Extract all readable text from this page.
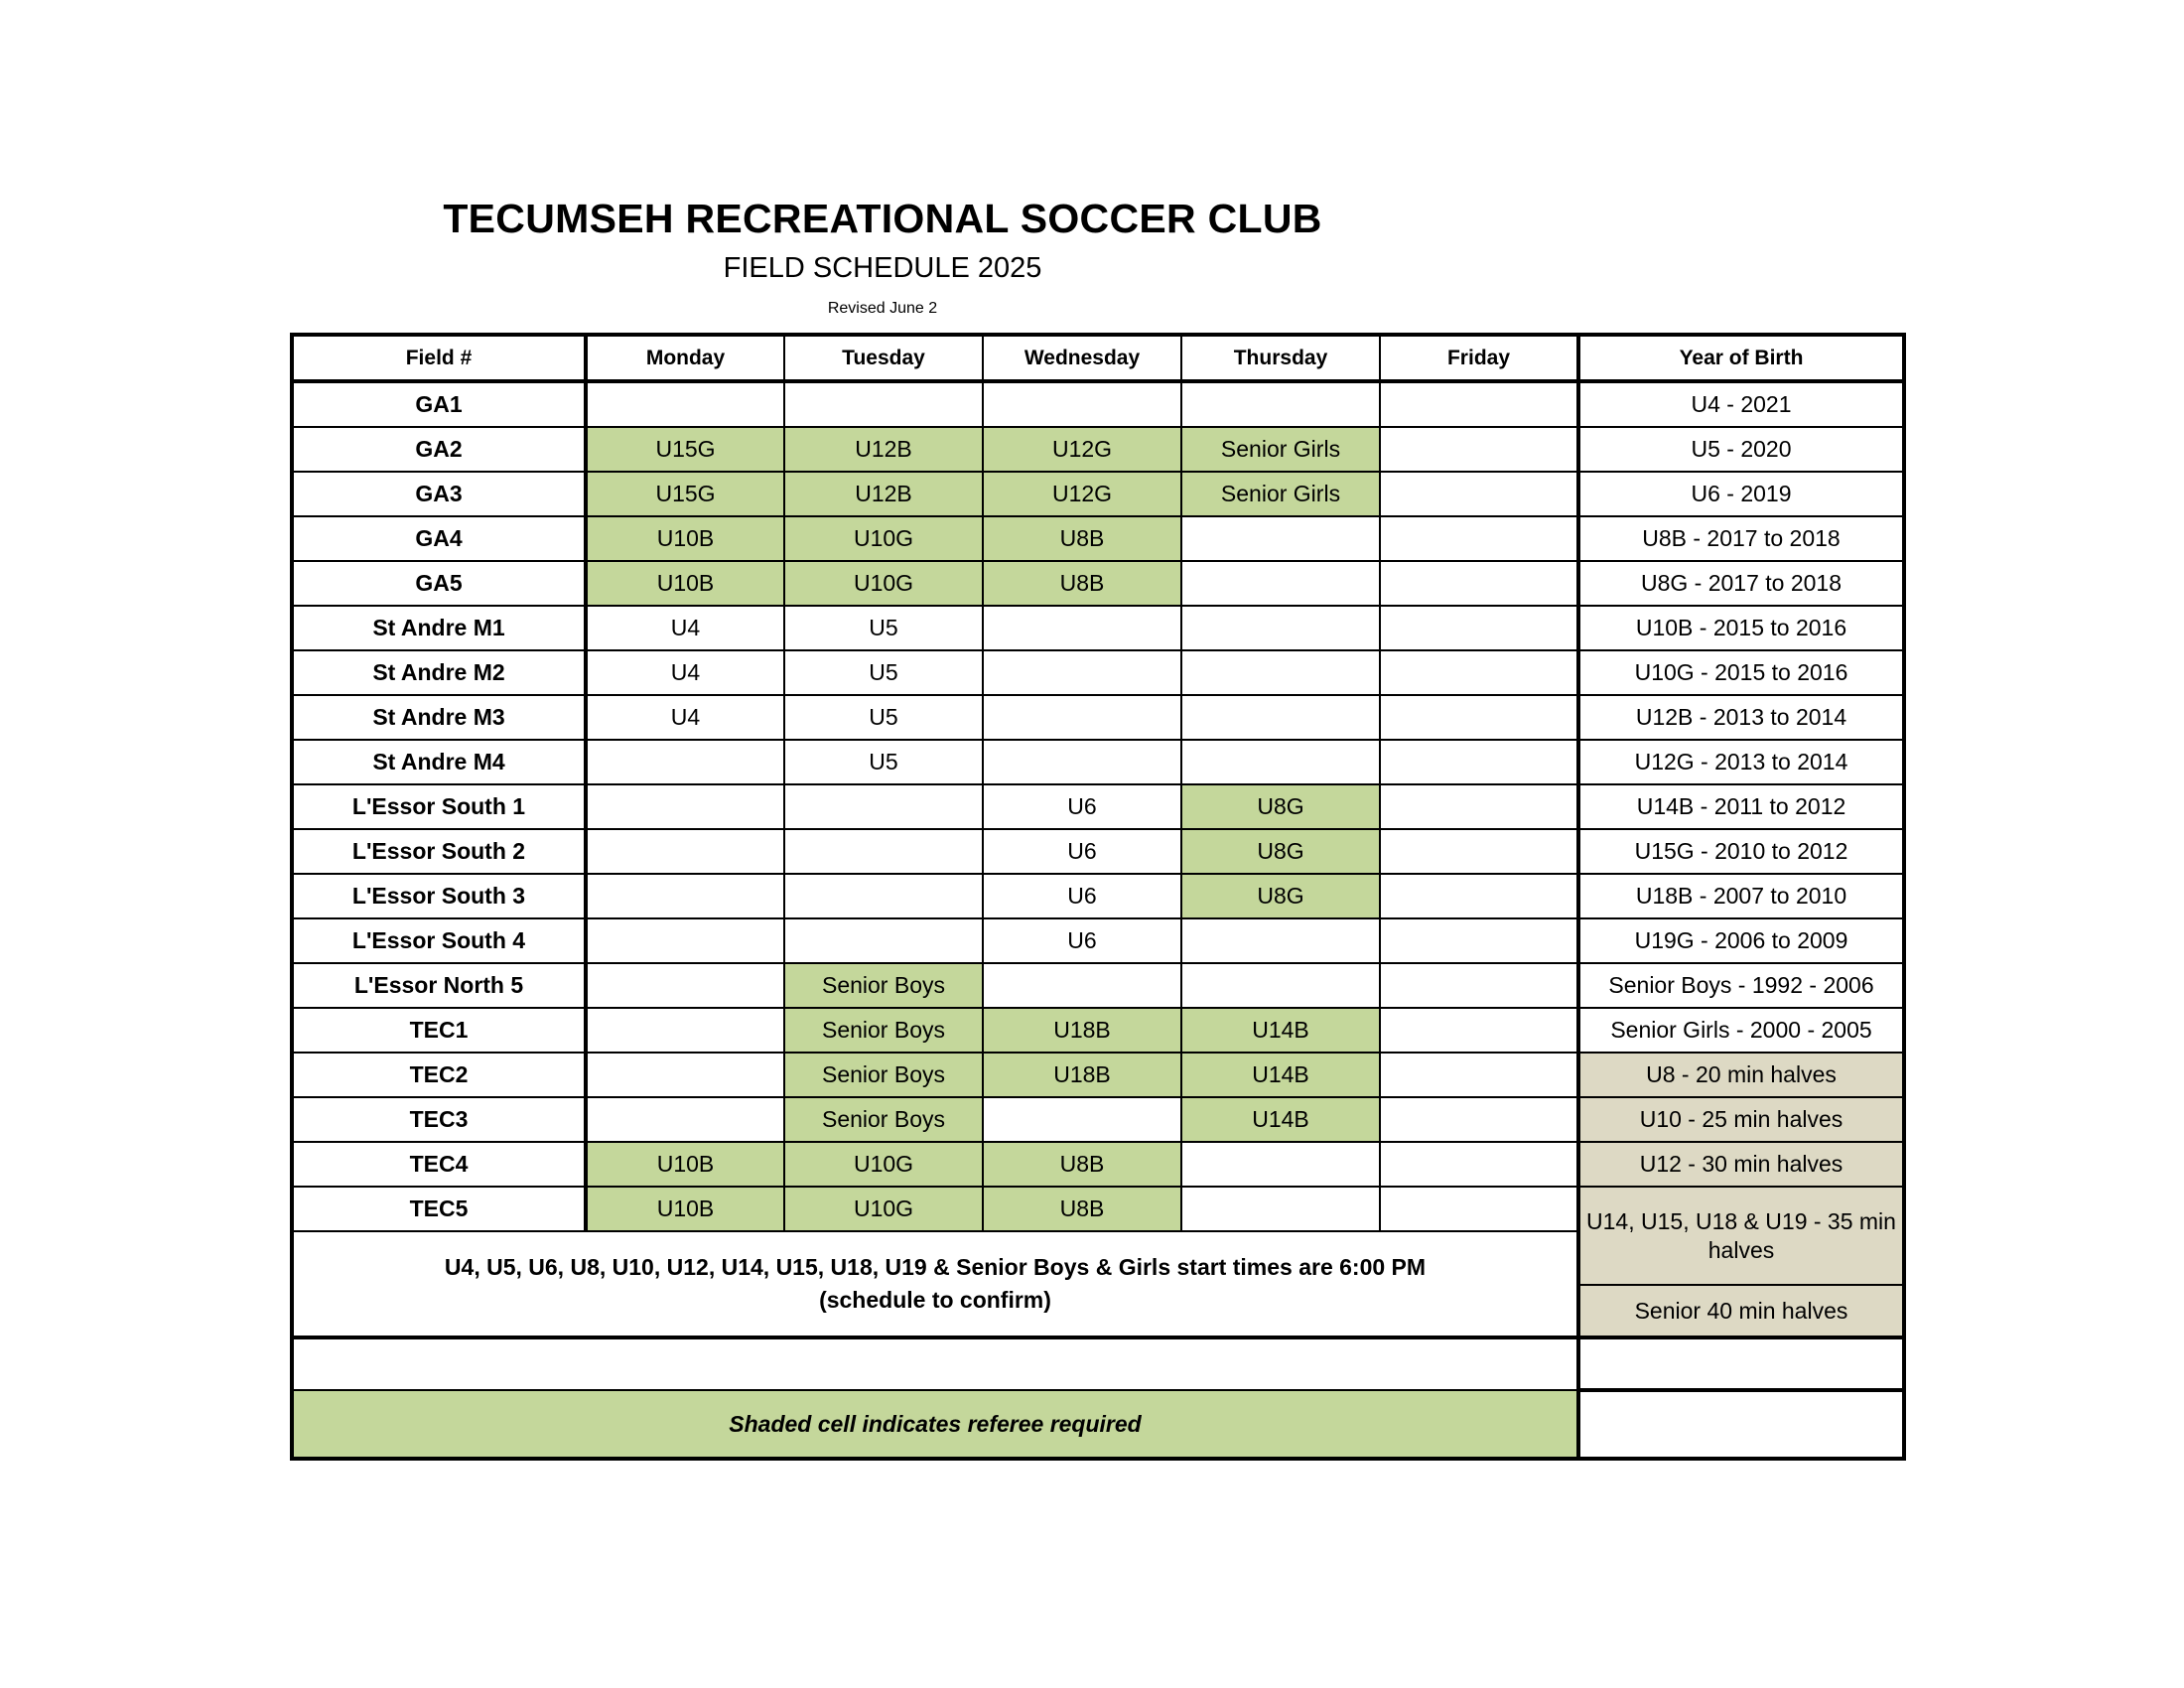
TECUMSEH RECREATIONAL SOCCER CLUB
FIELD SCHEDULE 2025
Revised June 2
Field #	Monday	Tuesday	Wednesday	Thursday	Friday	Year of Birth
GA1						U4 - 2021
GA2	U15G	U12B	U12G	Senior Girls		U5 - 2020
GA3	U15G	U12B	U12G	Senior Girls		U6 - 2019
GA4	U10B	U10G	U8B			U8B - 2017 to 2018
GA5	U10B	U10G	U8B			U8G - 2017 to 2018
St Andre M1	U4	U5				U10B - 2015 to 2016
St Andre M2	U4	U5				U10G - 2015 to 2016
St Andre M3	U4	U5				U12B - 2013 to 2014
St Andre M4		U5				U12G - 2013 to 2014
L'Essor South 1			U6	U8G		U14B - 2011 to 2012
L'Essor South 2			U6	U8G		U15G - 2010 to 2012
L'Essor South 3			U6	U8G		U18B - 2007 to 2010
L'Essor South 4			U6			U19G - 2006 to 2009
L'Essor North 5		Senior Boys				Senior Boys - 1992 - 2006
TEC1		Senior Boys	U18B	U14B		Senior Girls - 2000 - 2005
TEC2		Senior Boys	U18B	U14B		U8 - 20 min halves
TEC3		Senior Boys		U14B		U10 - 25 min halves
TEC4	U10B	U10G	U8B			U12 - 30 min halves
TEC5	U10B	U10G	U8B			U14, U15, U18 & U19 - 35 min halves

U4, U5, U6, U8, U10, U12, U14, U15, U18, U19 & Senior Boys & Girls start times are 6:00 PM
(schedule to confirm)						

						Senior 40 min halves

Shaded cell indicates referee required						
